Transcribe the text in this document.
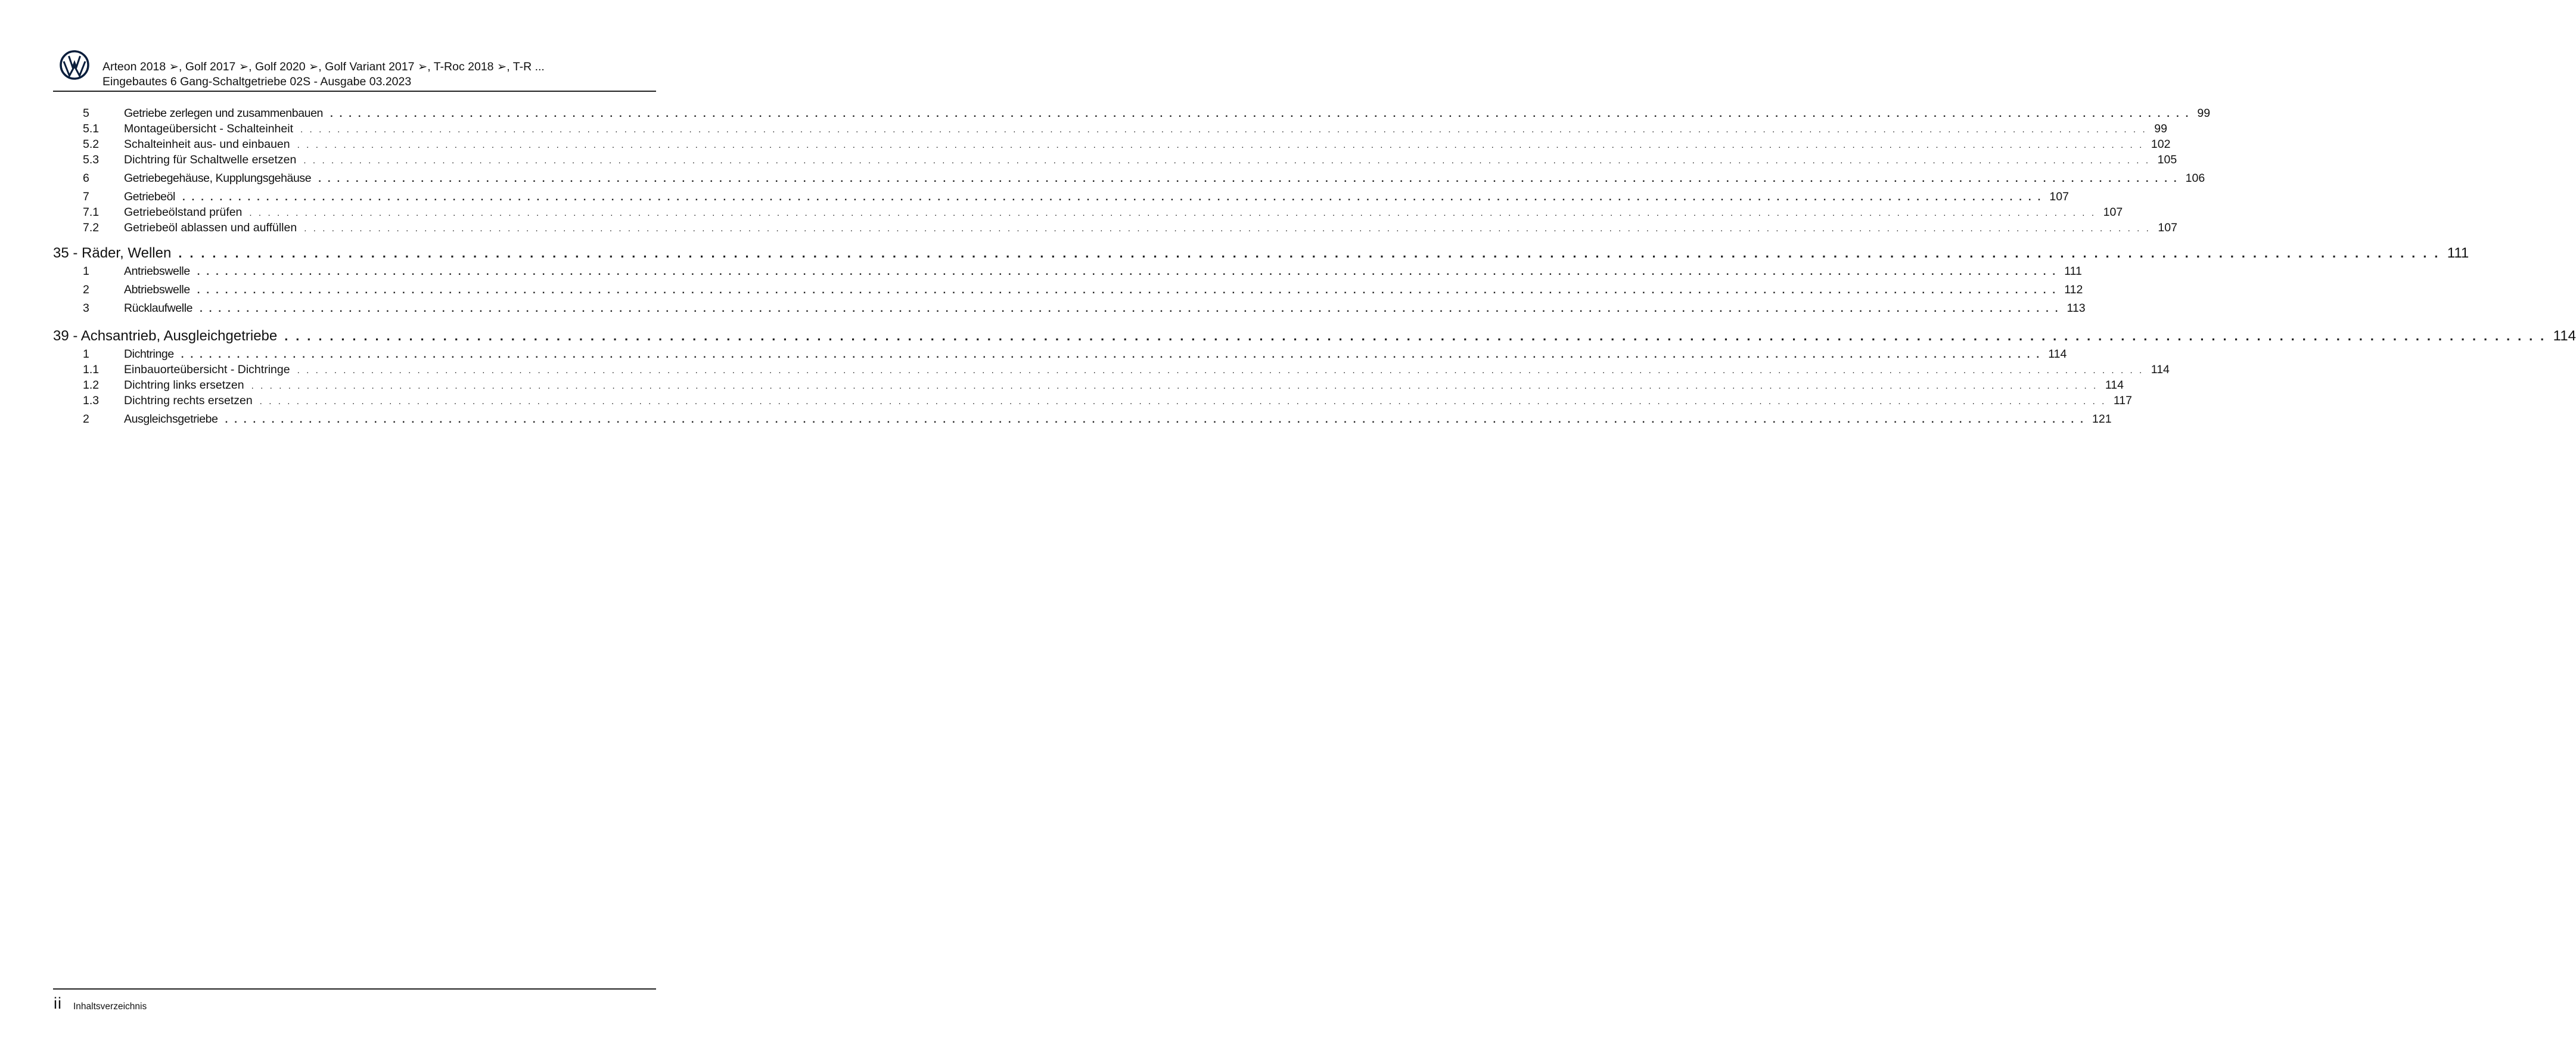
Arteon 2018 ➢, Golf 2017 ➢, Golf 2020 ➢, Golf Variant 2017 ➢, T-Roc 2018 ➢, T-R ...
Eingebautes 6 Gang-Schaltgetriebe 02S - Ausgabe 03.2023
5	Getriebe zerlegen und zusammenbauen . . . . . . . . . . . . . . . . . . . . . . . . . . . . . . . . . . . . . . . . . . . . . . . . . . . . . . . . . . . . . . . . . . . . . . . . . . . . . . . . . . . . . . . . . . . . . . . . . . . . . . . . . . . . . . . . . . . . . . . . . . . . . . . . . . . . . . . . . . . . . . . . . . . . . . . . . . . . . . . . . . . . . . . . . . . . . . . . . . . . . . . . . . . . . . . . . . . . . . . . 99
5.1	Montageübersicht - Schalteinheit . . . . . . . . . . . . . . . . . . . . . . . . . . . . . . . . . . . . . . . . . . . . . . . . . . . . . . . . . . . . . . . . . . . . . . . . . . . . . . . . . . . . . . . . . . . . . . . . . . . . . . . . . . . . . . . . . . . . . . . . . . . . . . . . . . . . . . . . . . . . . . . . . . . . . . . . . . . . . . . . . . . . . . . . . . . . . . . . . . . . . . . . . . . . . . . . . . . . . . . . 99
5.2	Schalteinheit aus- und einbauen . . . . . . . . . . . . . . . . . . . . . . . . . . . . . . . . . . . . . . . . . . . . . . . . . . . . . . . . . . . . . . . . . . . . . . . . . . . . . . . . . . . . . . . . . . . . . . . . . . . . . . . . . . . . . . . . . . . . . . . . . . . . . . . . . . . . . . . . . . . . . . . . . . . . . . . . . . . . . . . . . . . . . . . . . . . . . . . . . . . . . . . . . . . . . . . . . . . . . . . . 102
5.3	Dichtring für Schaltwelle ersetzen . . . . . . . . . . . . . . . . . . . . . . . . . . . . . . . . . . . . . . . . . . . . . . . . . . . . . . . . . . . . . . . . . . . . . . . . . . . . . . . . . . . . . . . . . . . . . . . . . . . . . . . . . . . . . . . . . . . . . . . . . . . . . . . . . . . . . . . . . . . . . . . . . . . . . . . . . . . . . . . . . . . . . . . . . . . . . . . . . . . . . . . . . . . . . . . . . . . . . . . . 105
6	Getriebegehäuse, Kupplungsgehäuse . . . . . . . . . . . . . . . . . . . . . . . . . . . . . . . . . . . . . . . . . . . . . . . . . . . . . . . . . . . . . . . . . . . . . . . . . . . . . . . . . . . . . . . . . . . . . . . . . . . . . . . . . . . . . . . . . . . . . . . . . . . . . . . . . . . . . . . . . . . . . . . . . . . . . . . . . . . . . . . . . . . . . . . . . . . . . . . . . . . . . . . . . . . . . . . . . . . . . . . . 106
7	Getriebeöl . . . . . . . . . . . . . . . . . . . . . . . . . . . . . . . . . . . . . . . . . . . . . . . . . . . . . . . . . . . . . . . . . . . . . . . . . . . . . . . . . . . . . . . . . . . . . . . . . . . . . . . . . . . . . . . . . . . . . . . . . . . . . . . . . . . . . . . . . . . . . . . . . . . . . . . . . . . . . . . . . . . . . . . . . . . . . . . . . . . . . . . . . . . . . . . . . . . . . . . . 107
7.1	Getriebeölstand prüfen . . . . . . . . . . . . . . . . . . . . . . . . . . . . . . . . . . . . . . . . . . . . . . . . . . . . . . . . . . . . . . . . . . . . . . . . . . . . . . . . . . . . . . . . . . . . . . . . . . . . . . . . . . . . . . . . . . . . . . . . . . . . . . . . . . . . . . . . . . . . . . . . . . . . . . . . . . . . . . . . . . . . . . . . . . . . . . . . . . . . . . . . . . . . . . . . . . . . . . . . 107
7.2	Getriebeöl ablassen und auffüllen . . . . . . . . . . . . . . . . . . . . . . . . . . . . . . . . . . . . . . . . . . . . . . . . . . . . . . . . . . . . . . . . . . . . . . . . . . . . . . . . . . . . . . . . . . . . . . . . . . . . . . . . . . . . . . . . . . . . . . . . . . . . . . . . . . . . . . . . . . . . . . . . . . . . . . . . . . . . . . . . . . . . . . . . . . . . . . . . . . . . . . . . . . . . . . . . . . . . . . . . 107
35 - Räder, Wellen . . . . . . . . . . . . . . . . . . . . . . . . . . . . . . . . . . . . . . . . . . . . . . . . . . . . . . . . . . . . . . . . . . . . . . . . . . . . . . . . . . . . . . . . . . . . . . . . . . . . . . . . . . . . . . . . . . . . . . . . . . . . . . . . . . . . . . . . . . . . . . . . . . . . . . . . . . . . . . . . . . . . . . . . . . . . . . . . . . . . . . . . . . . . . . . . . . . . . . . . 111
1	Antriebswelle . . . . . . . . . . . . . . . . . . . . . . . . . . . . . . . . . . . . . . . . . . . . . . . . . . . . . . . . . . . . . . . . . . . . . . . . . . . . . . . . . . . . . . . . . . . . . . . . . . . . . . . . . . . . . . . . . . . . . . . . . . . . . . . . . . . . . . . . . . . . . . . . . . . . . . . . . . . . . . . . . . . . . . . . . . . . . . . . . . . . . . . . . . . . . . . . . . . . . . . . 111
2	Abtriebswelle . . . . . . . . . . . . . . . . . . . . . . . . . . . . . . . . . . . . . . . . . . . . . . . . . . . . . . . . . . . . . . . . . . . . . . . . . . . . . . . . . . . . . . . . . . . . . . . . . . . . . . . . . . . . . . . . . . . . . . . . . . . . . . . . . . . . . . . . . . . . . . . . . . . . . . . . . . . . . . . . . . . . . . . . . . . . . . . . . . . . . . . . . . . . . . . . . . . . . . . . 112
3	Rücklaufwelle . . . . . . . . . . . . . . . . . . . . . . . . . . . . . . . . . . . . . . . . . . . . . . . . . . . . . . . . . . . . . . . . . . . . . . . . . . . . . . . . . . . . . . . . . . . . . . . . . . . . . . . . . . . . . . . . . . . . . . . . . . . . . . . . . . . . . . . . . . . . . . . . . . . . . . . . . . . . . . . . . . . . . . . . . . . . . . . . . . . . . . . . . . . . . . . . . . . . . . . . 113
39 - Achsantrieb, Ausgleichgetriebe . . . . . . . . . . . . . . . . . . . . . . . . . . . . . . . . . . . . . . . . . . . . . . . . . . . . . . . . . . . . . . . . . . . . . . . . . . . . . . . . . . . . . . . . . . . . . . . . . . . . . . . . . . . . . . . . . . . . . . . . . . . . . . . . . . . . . . . . . . . . . . . . . . . . . . . . . . . . . . . . . . . . . . . . . . . . . . . . . . . . . . . . . . . . . . . . . . . . . . . . 114
1	Dichtringe . . . . . . . . . . . . . . . . . . . . . . . . . . . . . . . . . . . . . . . . . . . . . . . . . . . . . . . . . . . . . . . . . . . . . . . . . . . . . . . . . . . . . . . . . . . . . . . . . . . . . . . . . . . . . . . . . . . . . . . . . . . . . . . . . . . . . . . . . . . . . . . . . . . . . . . . . . . . . . . . . . . . . . . . . . . . . . . . . . . . . . . . . . . . . . . . . . . . . . . . 114
1.1	Einbauorteübersicht - Dichtringe . . . . . . . . . . . . . . . . . . . . . . . . . . . . . . . . . . . . . . . . . . . . . . . . . . . . . . . . . . . . . . . . . . . . . . . . . . . . . . . . . . . . . . . . . . . . . . . . . . . . . . . . . . . . . . . . . . . . . . . . . . . . . . . . . . . . . . . . . . . . . . . . . . . . . . . . . . . . . . . . . . . . . . . . . . . . . . . . . . . . . . . . . . . . . . . . . . . . . . . . 114
1.2	Dichtring links ersetzen . . . . . . . . . . . . . . . . . . . . . . . . . . . . . . . . . . . . . . . . . . . . . . . . . . . . . . . . . . . . . . . . . . . . . . . . . . . . . . . . . . . . . . . . . . . . . . . . . . . . . . . . . . . . . . . . . . . . . . . . . . . . . . . . . . . . . . . . . . . . . . . . . . . . . . . . . . . . . . . . . . . . . . . . . . . . . . . . . . . . . . . . . . . . . . . . . . . . . . . . 114
1.3	Dichtring rechts ersetzen . . . . . . . . . . . . . . . . . . . . . . . . . . . . . . . . . . . . . . . . . . . . . . . . . . . . . . . . . . . . . . . . . . . . . . . . . . . . . . . . . . . . . . . . . . . . . . . . . . . . . . . . . . . . . . . . . . . . . . . . . . . . . . . . . . . . . . . . . . . . . . . . . . . . . . . . . . . . . . . . . . . . . . . . . . . . . . . . . . . . . . . . . . . . . . . . . . . . . . . . 117
2	Ausgleichsgetriebe . . . . . . . . . . . . . . . . . . . . . . . . . . . . . . . . . . . . . . . . . . . . . . . . . . . . . . . . . . . . . . . . . . . . . . . . . . . . . . . . . . . . . . . . . . . . . . . . . . . . . . . . . . . . . . . . . . . . . . . . . . . . . . . . . . . . . . . . . . . . . . . . . . . . . . . . . . . . . . . . . . . . . . . . . . . . . . . . . . . . . . . . . . . . . . . . . . . . . . . . 121
ii Inhaltsverzeichnis
